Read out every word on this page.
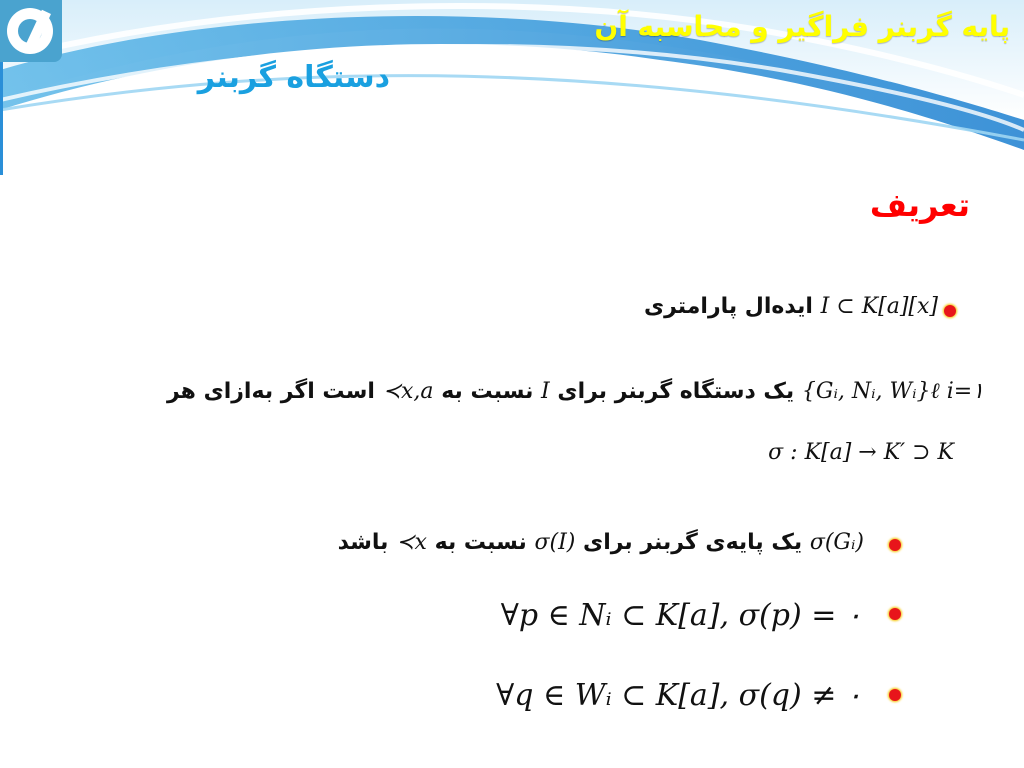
پایه گربنر فراگیر و محاسبه آن
دستگاه گربنر
تعریف
I ⊂ K[a][x] ایده‌ال پارامتری
{Gᵢ, Nᵢ, Wᵢ}ℓ i=۱ یک دستگاه گربنر برای I نسبت به ≺x,a است اگر به‌ازای هر
σ : K[a] → K′ ⊃ K
σ(Gᵢ) یک پایه‌ی گربنر برای σ(I) نسبت به ≺x باشد
∀p ∈ Nᵢ ⊂ K[a], σ(p) = ۰
∀q ∈ Wᵢ ⊂ K[a], σ(q) ≠ ۰
